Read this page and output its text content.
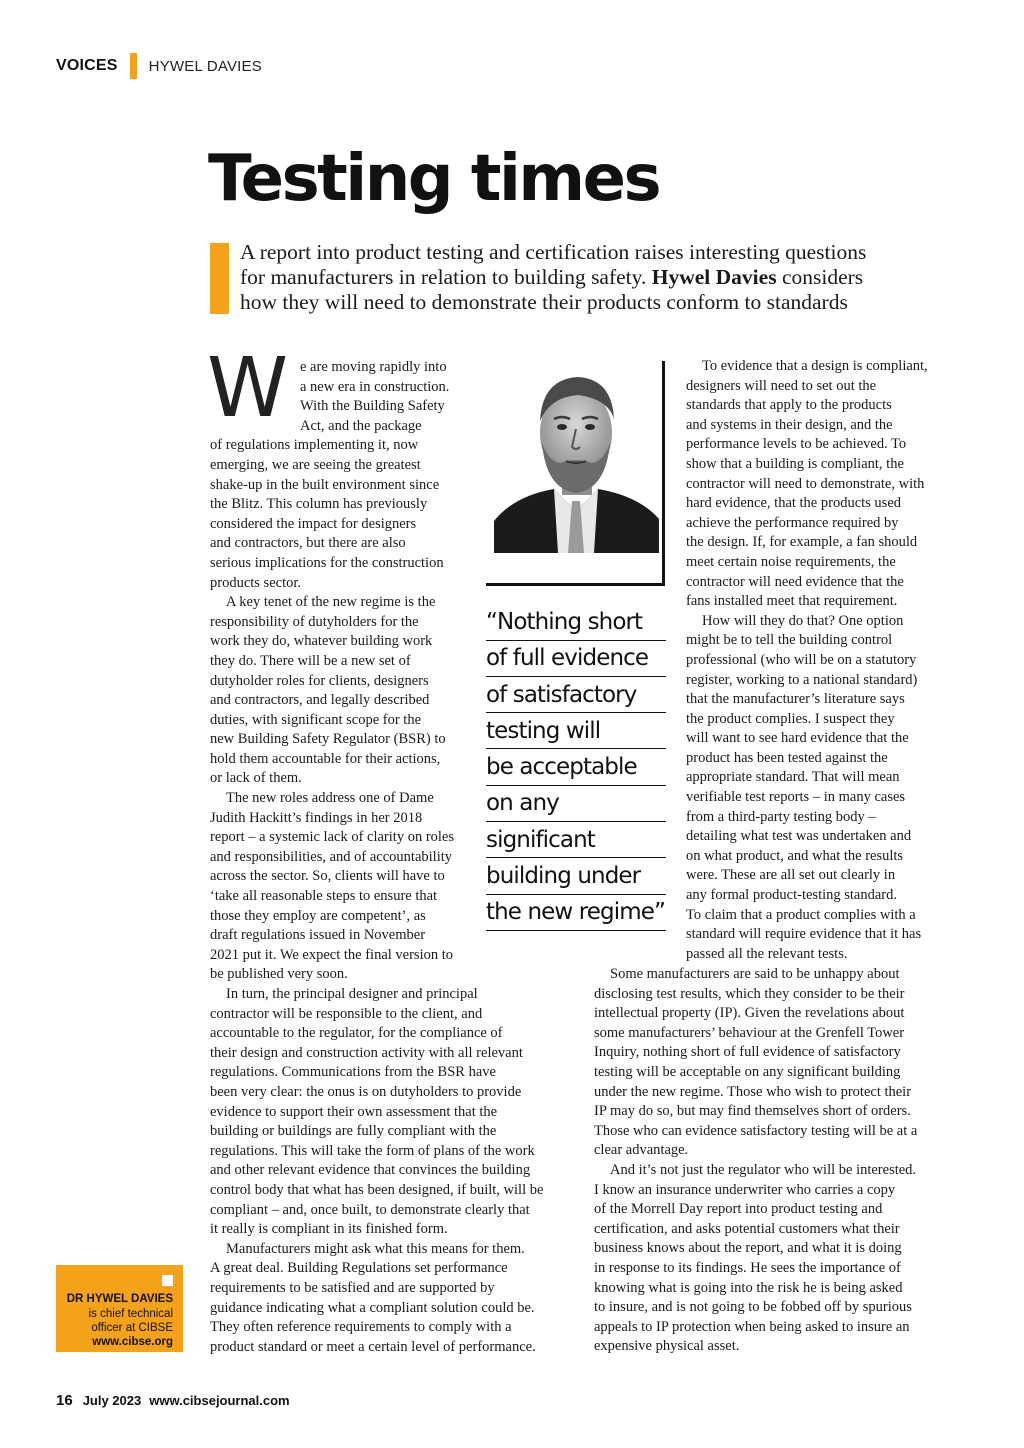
VOICES HYWEL DAVIES
Testing times
A report into product testing and certification raises interesting questions
for manufacturers in relation to building safety. Hywel Davies considers
how they will need to demonstrate their products conform to standards
W	e are moving rapidly into
a new era in construction.
With the Building Safety
Act, and the package
of regulations implementing it, now
emerging, we are seeing the greatest
shake-up in the built environment since
the Blitz. This column has previously
considered the impact for designers
and contractors, but there are also
serious implications for the construction
products sector.
A key tenet of the new regime is the
responsibility of dutyholders for the
work they do, whatever building work
they do. There will be a new set of
dutyholder roles for clients, designers
and contractors, and legally described
duties, with significant scope for the
new Building Safety Regulator (BSR) to
hold them accountable for their actions,
or lack of them.
The new roles address one of Dame
Judith Hackitt’s findings in her 2018
report – a systemic lack of clarity on roles
and responsibilities, and of accountability
across the sector. So, clients will have to
‘take all reasonable steps to ensure that
those they employ are competent’, as
draft regulations issued in November
2021 put it. We expect the final version to
be published very soon.
In turn, the principal designer and principal
contractor will be responsible to the client, and
accountable to the regulator, for the compliance of
their design and construction activity with all relevant
regulations. Communications from the BSR have
been very clear: the onus is on dutyholders to provide
evidence to support their own assessment that the
building or buildings are fully compliant with the
regulations. This will take the form of plans of the work
and other relevant evidence that convinces the building
control body that what has been designed, if built, will be
compliant – and, once built, to demonstrate clearly that
it really is compliant in its finished form.
Manufacturers might ask what this means for them.
A great deal. Building Regulations set performance
requirements to be satisfied and are supported by
guidance indicating what a compliant solution could be.
They often reference requirements to comply with a
product standard or meet a certain level of performance.
To evidence that a design is compliant,
designers will need to set out the
standards that apply to the products
and systems in their design, and the
performance levels to be achieved. To
show that a building is compliant, the
contractor will need to demonstrate, with
hard evidence, that the products used
achieve the performance required by
the design. If, for example, a fan should
meet certain noise requirements, the
contractor will need evidence that the
fans installed meet that requirement.
How will they do that? One option
might be to tell the building control
professional (who will be on a statutory
register, working to a national standard)
that the manufacturer’s literature says
the product complies. I suspect they
will want to see hard evidence that the
product has been tested against the
appropriate standard. That will mean
verifiable test reports – in many cases
from a third-party testing body –
detailing what test was undertaken and
on what product, and what the results
were. These are all set out clearly in
any formal product-testing standard.
To claim that a product complies with a
standard will require evidence that it has
passed all the relevant tests.
Some manufacturers are said to be unhappy about
disclosing test results, which they consider to be their
intellectual property (IP). Given the revelations about
some manufacturers’ behaviour at the Grenfell Tower
Inquiry, nothing short of full evidence of satisfactory
testing will be acceptable on any significant building
under the new regime. Those who wish to protect their
IP may do so, but may find themselves short of orders.
Those who can evidence satisfactory testing will be at a
clear advantage.
And it’s not just the regulator who will be interested.
I know an insurance underwriter who carries a copy
of the Morrell Day report into product testing and
certification, and asks potential customers what their
business knows about the report, and what it is doing
in response to its findings. He sees the importance of
knowing what is going into the risk he is being asked
to insure, and is not going to be fobbed off by spurious
appeals to IP protection when being asked to insure an
expensive physical asset.
“Nothing short
of full evidence
of satisfactory
testing will
be acceptable
on any
significant
building under
the new regime”
DR HYWEL DAVIES
is chief technical
officer at CIBSE
www.cibse.org
16 July 2023 www.cibsejournal.com
